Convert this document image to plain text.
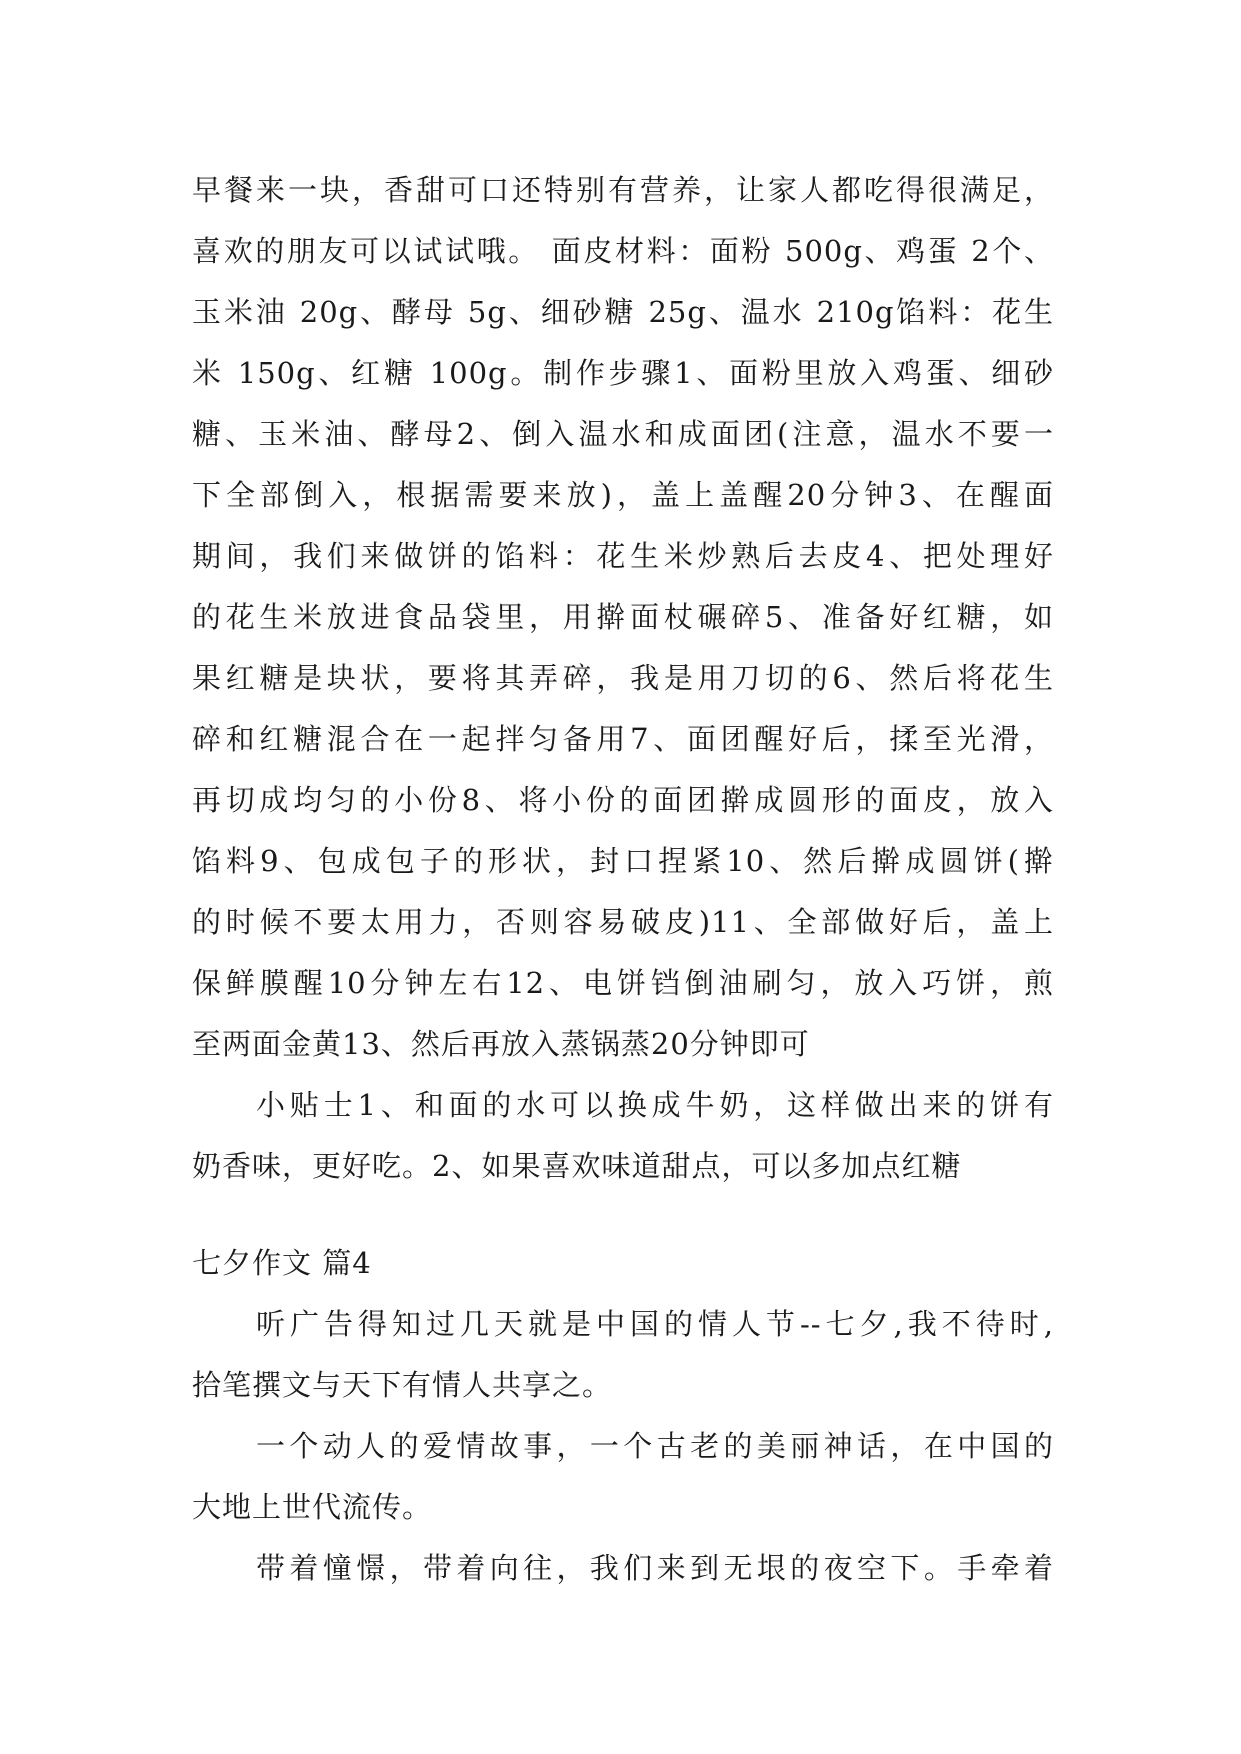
早餐来一块，香甜可口还特别有营养，让家人都吃得很满足，
喜欢的朋友可以试试哦。 面皮材料：面粉 500g、鸡蛋 2个、
玉米油 20g、酵母 5g、细砂糖 25g、温水 210g馅料：花生
米 150g、红糖 100g。制作步骤1、面粉里放入鸡蛋、细砂
糖、玉米油、酵母2、倒入温水和成面团(注意，温水不要一
下全部倒入，根据需要来放)，盖上盖醒20分钟3、在醒面
期间，我们来做饼的馅料：花生米炒熟后去皮4、把处理好
的花生米放进食品袋里，用擀面杖碾碎5、准备好红糖，如
果红糖是块状，要将其弄碎，我是用刀切的6、然后将花生
碎和红糖混合在一起拌匀备用7、面团醒好后，揉至光滑，
再切成均匀的小份8、将小份的面团擀成圆形的面皮，放入
馅料9、包成包子的形状，封口捏紧10、然后擀成圆饼(擀
的时候不要太用力，否则容易破皮)11、全部做好后，盖上
保鲜膜醒10分钟左右12、电饼铛倒油刷匀，放入巧饼，煎
至两面金黄13、然后再放入蒸锅蒸20分钟即可
小贴士1、和面的水可以换成牛奶，这样做出来的饼有
奶香味，更好吃。2、如果喜欢味道甜点，可以多加点红糖
七夕作文 篇4
听广告得知过几天就是中国的情人节--七夕,我不待时,
拾笔撰文与天下有情人共享之。
一个动人的爱情故事，一个古老的美丽神话，在中国的
大地上世代流传。
带着憧憬，带着向往，我们来到无垠的夜空下。手牵着
